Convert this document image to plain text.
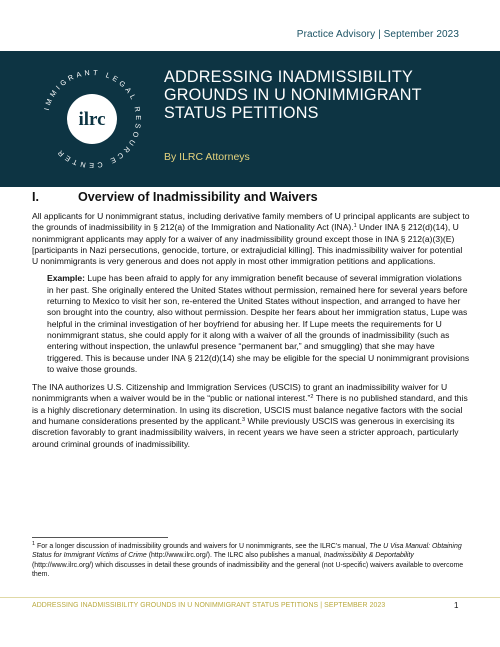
Practice Advisory | September 2023
ilrc
IMMIGRANT LEGAL RESOURCE CENTER
ADDRESSING INADMISSIBILITY
GROUNDS IN U NONIMMIGRANT
STATUS PETITIONS
By ILRC Attorneys
I.	Overview of Inadmissibility and Waivers

All applicants for U nonimmigrant status, including derivative family members of U principal applicants are subject to the grounds of inadmissibility in § 212(a) of the Immigration and Nationality Act (INA).$^1$ Under INA § 212(d)(14), U nonimmigrant applicants may apply for a waiver of any inadmissibility ground except those in INA § 212(a)(3)(E) [participants in Nazi persecutions, genocide, torture, or extrajudicial killing]. This inadmissibility waiver for potential U nonimmigrants is very generous and does not apply in most other immigration petitions and applications.

Example: Lupe has been afraid to apply for any immigration benefit because of several immigration violations in her past. She originally entered the United States without permission, remained here for several years before returning to Mexico to visit her son, re-entered the United States without inspection, and arranged to have her son brought into the country, also without permission. Despite her fears about her immigration status, Lupe was helpful in the criminal investigation of her boyfriend for abusing her. If Lupe meets the requirements for U nonimmigrant status, she could apply for it along with a waiver of all the grounds of inadmissibility (such as entering without inspection, the unlawful presence “permanent bar,” and smuggling) that she may have triggered. This is because under INA § 212(d)(14) she may be eligible for the special U nonimmigrant provisions to waive those grounds.

The INA authorizes U.S. Citizenship and Immigration Services (USCIS) to grant an inadmissibility waiver for U nonimmigrants when a waiver would be in the “public or national interest.”$^2$ There is no published standard, and this is a highly discretionary determination. In using its discretion, USCIS must balance negative factors with the social and humane considerations presented by the applicant.$^3$ While previously USCIS was generous in exercising its discretion favorably to grant inadmissibility waivers, in recent years we have seen a stricter approach, particularly around criminal grounds of inadmissibility.

$^1$ For a longer discussion of inadmissibility grounds and waivers for U nonimmigrants, see the ILRC’s manual, The U Visa Manual: Obtaining Status for Immigrant Victims of Crime (http://www.ilrc.org/). The ILRC also publishes a manual, Inadmissibility & Deportability (http://www.ilrc.org/) which discusses in detail these grounds of inadmissibility and the general (not U-specific) waivers available to overcome them.
ADDRESSING INADMISSIBILITY GROUNDS IN U NONIMMIGRANT STATUS PETITIONS | SEPTEMBER 2023	1
